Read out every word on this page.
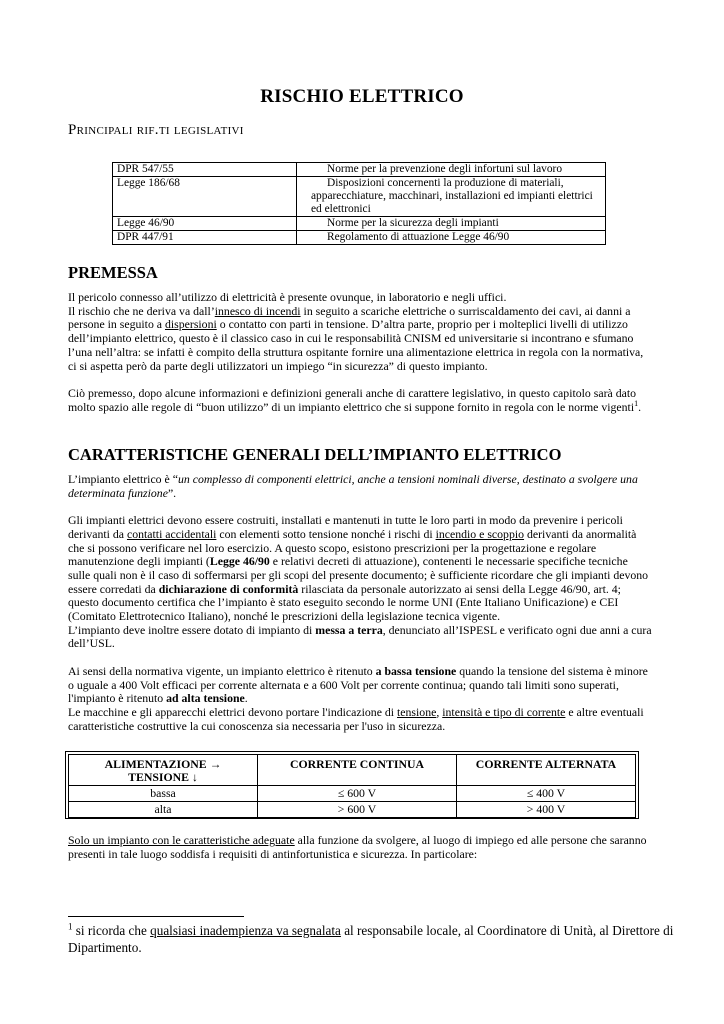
RISCHIO ELETTRICO
Principali rif.ti legislativi
DPR 547/55	Norme per la prevenzione degli infortuni sul lavoro
Legge 186/68	Disposizioni concernenti la produzione di materiali, apparecchiature, macchinari, installazioni ed impianti elettrici ed elettronici
Legge 46/90	Norme per la sicurezza degli impianti
DPR 447/91	Regolamento di attuazione Legge 46/90
PREMESSA

Il pericolo connesso all’utilizzo di elettricità è presente ovunque, in laboratorio e negli uffici.
Il rischio che ne deriva va dall’innesco di incendi in seguito a scariche elettriche o surriscaldamento dei cavi, ai danni a persone in seguito a dispersioni o contatto con parti in tensione. D’altra parte, proprio per i molteplici livelli di utilizzo dell’impianto elettrico, questo è il classico caso in cui le responsabilità CNISM ed universitarie si incontrano e sfumano l’una nell’altra: se infatti è compito della struttura ospitante fornire una alimentazione elettrica in regola con la normativa, ci si aspetta però da parte degli utilizzatori un impiego “in sicurezza” di questo impianto.

Ciò premesso, dopo alcune informazioni e definizioni generali anche di carattere legislativo, in questo capitolo sarà dato molto spazio alle regole di “buon utilizzo” di un impianto elettrico che si suppone fornito in regola con le norme vigenti$^1$.

CARATTERISTICHE GENERALI DELL’IMPIANTO ELETTRICO

L’impianto elettrico è “un complesso di componenti elettrici, anche a tensioni nominali diverse, destinato a svolgere una determinata funzione”.

Gli impianti elettrici devono essere costruiti, installati e mantenuti in tutte le loro parti in modo da prevenire i pericoli derivanti da contatti accidentali con elementi sotto tensione nonché i rischi di incendio e scoppio derivanti da anormalità che si possono verificare nel loro esercizio. A questo scopo, esistono prescrizioni per la progettazione e regolare manutenzione degli impianti (Legge 46/90 e relativi decreti di attuazione), contenenti le necessarie specifiche tecniche sulle quali non è il caso di soffermarsi per gli scopi del presente documento; è sufficiente ricordare che gli impianti devono essere corredati da dichiarazione di conformità rilasciata da personale autorizzato ai sensi della Legge 46/90, art. 4; questo documento certifica che l’impianto è stato eseguito secondo le norme UNI (Ente Italiano Unificazione) e CEI (Comitato Elettrotecnico Italiano), nonché le prescrizioni della legislazione tecnica vigente.

L’impianto deve inoltre essere dotato di impianto di messa a terra, denunciato all’ISPESL e verificato ogni due anni a cura dell’USL.

Ai sensi della normativa vigente, un impianto elettrico è ritenuto a bassa tensione quando la tensione del sistema è minore o uguale a 400 Volt efficaci per corrente alternata e a 600 Volt per corrente continua; quando tali limiti sono superati, l'impianto è ritenuto ad alta tensione.

Le macchine e gli apparecchi elettrici devono portare l'indicazione di tensione, intensità e tipo di corrente e altre eventuali caratteristiche costruttive la cui conoscenza sia necessaria per l'uso in sicurezza.

ALIMENTAZIONE →
TENSIONE ↓	CORRENTE CONTINUA	CORRENTE ALTERNATA
bassa	≤ 600 V	≤ 400 V
alta	> 600 V	> 400 V

Solo un impianto con le caratteristiche adeguate alla funzione da svolgere, al luogo di impiego ed alle persone che saranno presenti in tale luogo soddisfa i requisiti di antinfortunistica e sicurezza. In particolare:

$^1$ si ricorda che qualsiasi inadempienza va segnalata al responsabile locale, al Coordinatore di Unità, al Direttore di Dipartimento.
